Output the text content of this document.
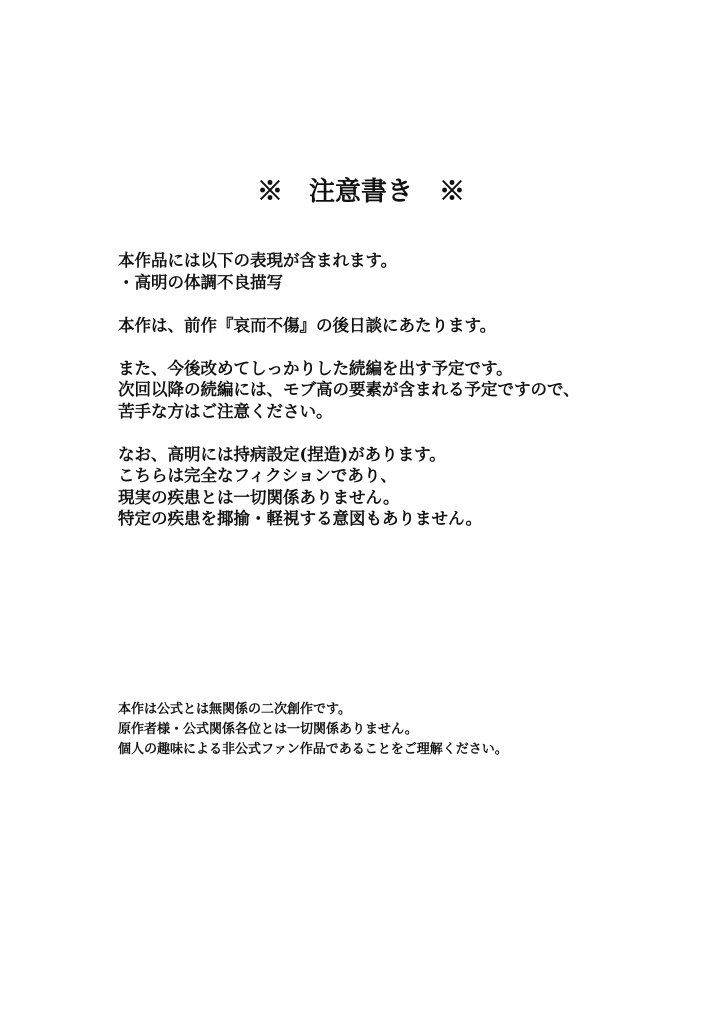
※　注意書き　※
本作品には以下の表現が含まれます。
・高明の体調不良描写
本作は、前作『哀而不傷』の後日談にあたります。
また、今後改めてしっかりした続編を出す予定です。
次回以降の続編には、モブ高の要素が含まれる予定ですので、
苦手な方はご注意ください。
なお、高明には持病設定(捏造)があります。
こちらは完全なフィクションであり、
現実の疾患とは一切関係ありません。
特定の疾患を揶揄・軽視する意図もありません。
本作は公式とは無関係の二次創作です。
原作者様・公式関係各位とは一切関係ありません。
個人の趣味による非公式ファン作品であることをご理解ください。
